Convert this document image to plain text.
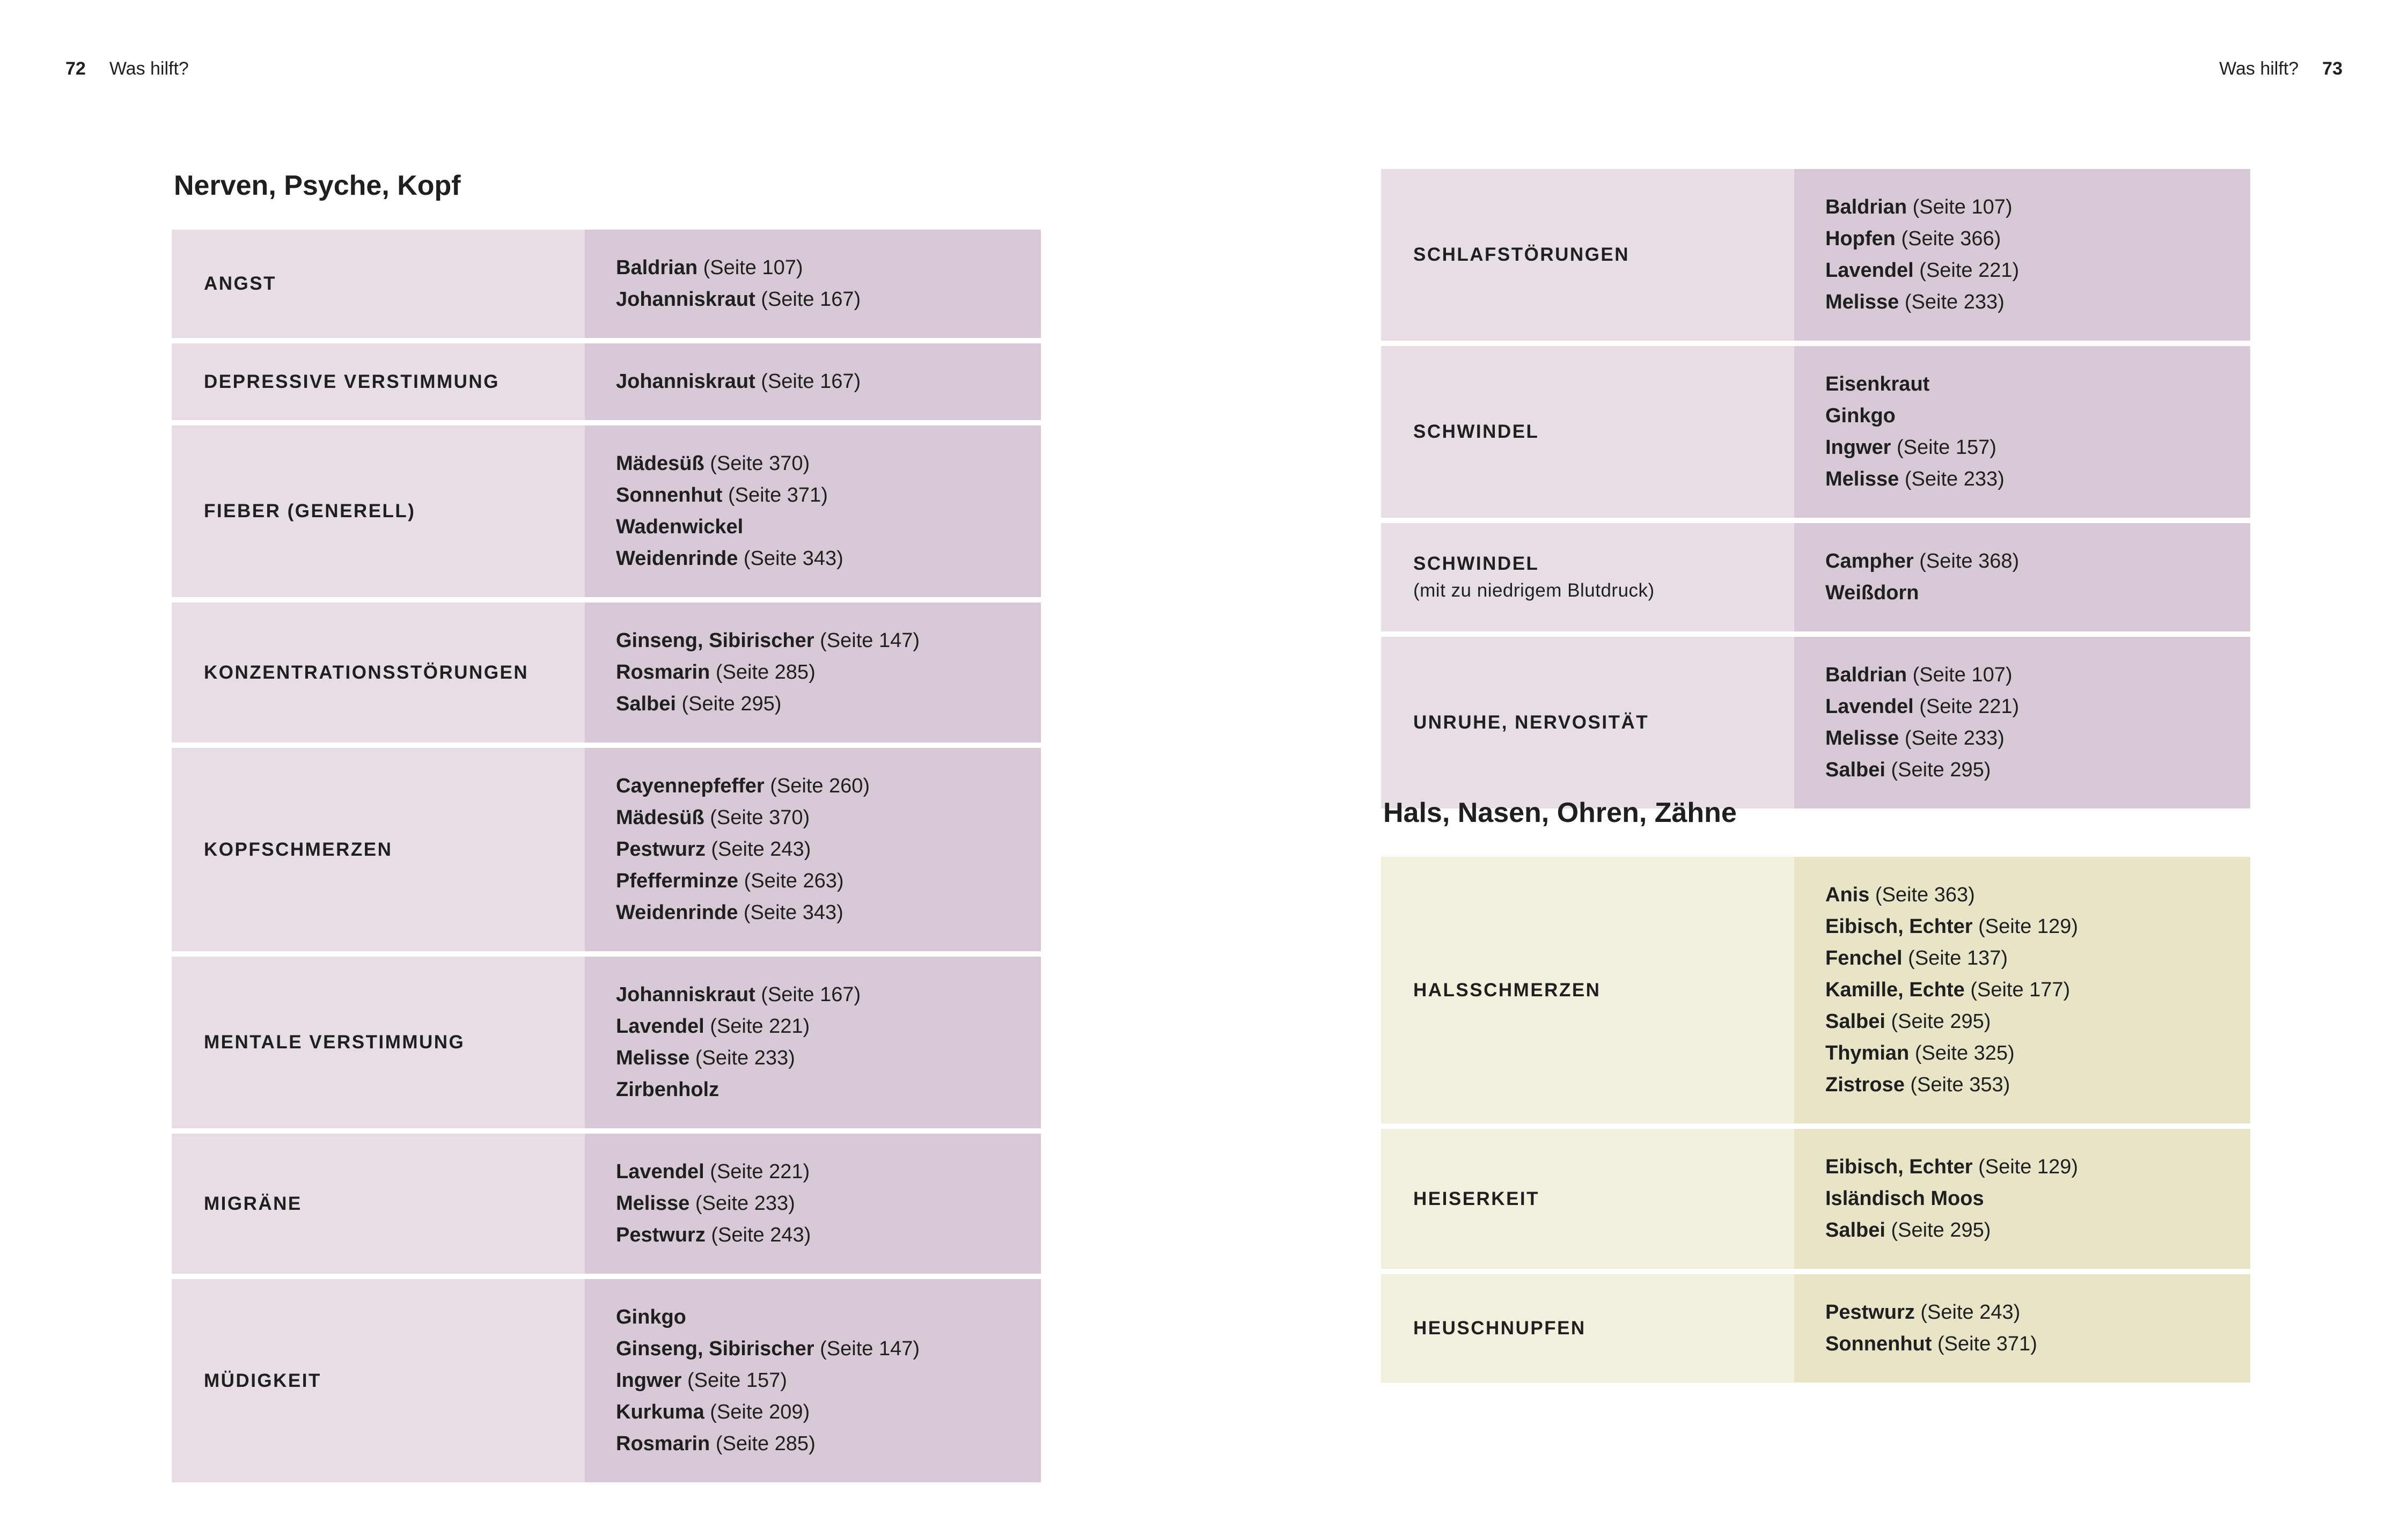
72 Was hilft?
Nerven, Psyche, Kopf
ANGST
Baldrian (Seite 107)
Johanniskraut (Seite 167)
DEPRESSIVE VERSTIMMUNG	Johanniskraut (Seite 167)
FIEBER (GENERELL)
Mädesüß (Seite 370)
Sonnenhut (Seite 371)
Wadenwickel
Weidenrinde (Seite 343)
KONZENTRATIONSSTÖRUNGEN
Ginseng, Sibirischer (Seite 147)
Rosmarin (Seite 285)
Salbei (Seite 295)
KOPFSCHMERZEN
Cayennepfeffer (Seite 260)
Mädesüß (Seite 370)
Pestwurz (Seite 243)
Pfefferminze (Seite 263)
Weidenrinde (Seite 343)
MENTALE VERSTIMMUNG
Johanniskraut (Seite 167)
Lavendel (Seite 221)
Melisse (Seite 233)
Zirbenholz
MIGRÄNE
Lavendel (Seite 221)
Melisse (Seite 233)
Pestwurz (Seite 243)
MÜDIGKEIT
Ginkgo
Ginseng, Sibirischer (Seite 147)
Ingwer (Seite 157)
Kurkuma (Seite 209)
Rosmarin (Seite 285)
Was hilft? 73
SCHLAFSTÖRUNGEN
Baldrian (Seite 107)
Hopfen (Seite 366)
Lavendel (Seite 221)
Melisse (Seite 233)
SCHWINDEL
Eisenkraut
Ginkgo
Ingwer (Seite 157)
Melisse (Seite 233)
SCHWINDEL
(mit zu niedrigem Blutdruck)
Campher (Seite 368)
Weißdorn
UNRUHE, NERVOSITÄT
Baldrian (Seite 107)
Lavendel (Seite 221)
Melisse (Seite 233)
Salbei (Seite 295)
Hals, Nasen, Ohren, Zähne
HALSSCHMERZEN
Anis (Seite 363)
Eibisch, Echter (Seite 129)
Fenchel (Seite 137)
Kamille, Echte (Seite 177)
Salbei (Seite 295)
Thymian (Seite 325)
Zistrose (Seite 353)
HEISERKEIT
Eibisch, Echter (Seite 129)
Isländisch Moos
Salbei (Seite 295)
HEUSCHNUPFEN
Pestwurz (Seite 243)
Sonnenhut (Seite 371)
